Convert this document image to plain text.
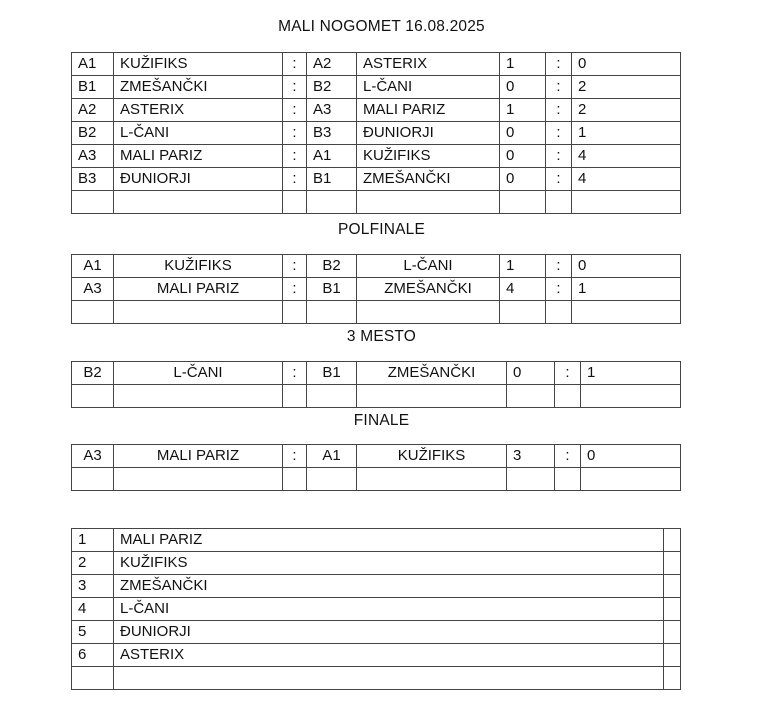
MALI NOGOMET 16.08.2025
A1	KUŽIFIKS	:	A2	ASTERIX	1	:	0
B1	ZMEŠANČKI	:	B2	L-ČANI	0	:	2
A2	ASTERIX	:	A3	MALI PARIZ	1	:	2
B2	L-ČANI	:	B3	ĐUNIORJI	0	:	1
A3	MALI PARIZ	:	A1	KUŽIFIKS	0	:	4
B3	ĐUNIORJI	:	B1	ZMEŠANČKI	0	:	4

POLFINALE
A1	KUŽIFIKS	:	B2	L-ČANI	1	:	0
A3	MALI PARIZ	:	B1	ZMEŠANČKI	4	:	1

3 MESTO
B2	L-ČANI	:	B1	ZMEŠANČKI	0	:	1

FINALE
A3	MALI PARIZ	:	A1	KUŽIFIKS	3	:	0

1	MALI PARIZ	
2	KUŽIFIKS	
3	ZMEŠANČKI	
4	L-ČANI	
5	ĐUNIORJI	
6	ASTERIX	
